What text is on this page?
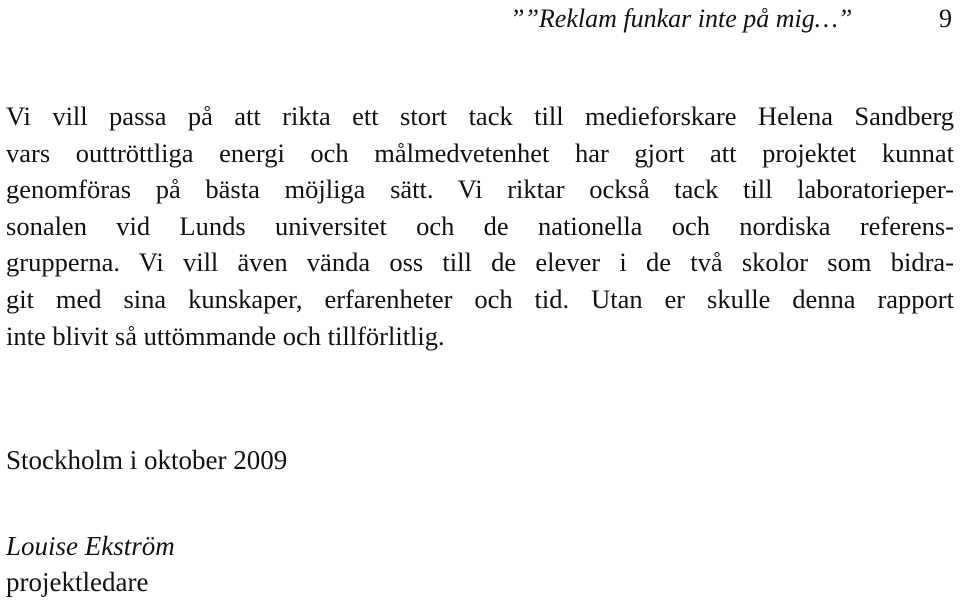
””Reklam funkar inte på mig…”	9
Vi vill passa på att rikta ett stort tack till medieforskare Helena Sandberg
vars outtröttliga energi och målmedvetenhet har gjort att projektet kunnat
genomföras på bästa möjliga sätt. Vi riktar också tack till laboratorieper-
sonalen vid Lunds universitet och de nationella och nordiska referens-
grupperna. Vi vill även vända oss till de elever i de två skolor som bidra-
git med sina kunskaper, erfarenheter och tid. Utan er skulle denna rapport
inte blivit så uttömmande och tillförlitlig.

Stockholm i oktober 2009

Louise Ekström
projektledare
